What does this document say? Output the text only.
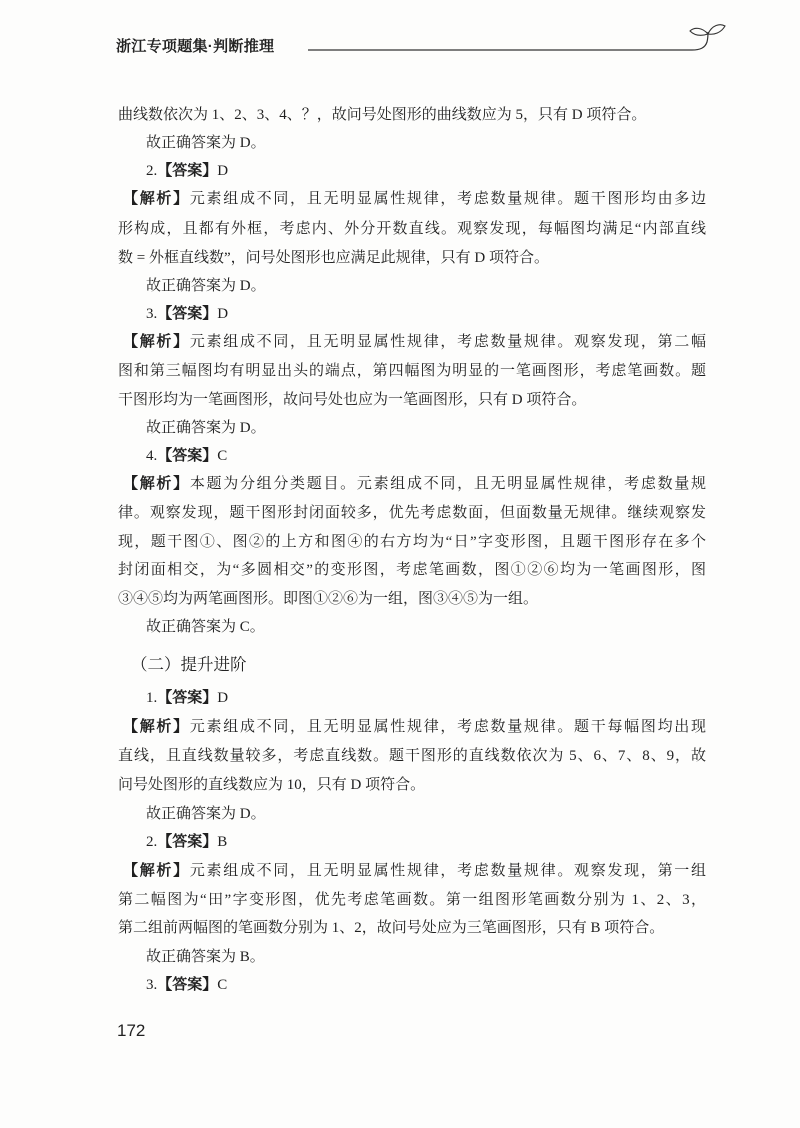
浙江专项题集·判断推理
曲线数依次为 1、2、3、4、？，故问号处图形的曲线数应为 5，只有 D 项符合。
故正确答案为 D。
2.【答案】D
【解析】元素组成不同，且无明显属性规律，考虑数量规律。题干图形均由多边
形构成，且都有外框，考虑内、外分开数直线。观察发现，每幅图均满足“内部直线
数 = 外框直线数”，问号处图形也应满足此规律，只有 D 项符合。
故正确答案为 D。
3.【答案】D
【解析】元素组成不同，且无明显属性规律，考虑数量规律。观察发现，第二幅
图和第三幅图均有明显出头的端点，第四幅图为明显的一笔画图形，考虑笔画数。题
干图形均为一笔画图形，故问号处也应为一笔画图形，只有 D 项符合。
故正确答案为 D。
4.【答案】C
【解析】本题为分组分类题目。元素组成不同，且无明显属性规律，考虑数量规
律。观察发现，题干图形封闭面较多，优先考虑数面，但面数量无规律。继续观察发
现，题干图①、图②的上方和图④的右方均为“日”字变形图，且题干图形存在多个
封闭面相交，为“多圆相交”的变形图，考虑笔画数，图①②⑥均为一笔画图形，图
③④⑤均为两笔画图形。即图①②⑥为一组，图③④⑤为一组。
故正确答案为 C。
（二）提升进阶
1.【答案】D
【解析】元素组成不同，且无明显属性规律，考虑数量规律。题干每幅图均出现
直线，且直线数量较多，考虑直线数。题干图形的直线数依次为 5、6、7、8、9，故
问号处图形的直线数应为 10，只有 D 项符合。
故正确答案为 D。
2.【答案】B
【解析】元素组成不同，且无明显属性规律，考虑数量规律。观察发现，第一组
第二幅图为“田”字变形图，优先考虑笔画数。第一组图形笔画数分别为 1、2、3，
第二组前两幅图的笔画数分别为 1、2，故问号处应为三笔画图形，只有 B 项符合。
故正确答案为 B。
3.【答案】C
172
